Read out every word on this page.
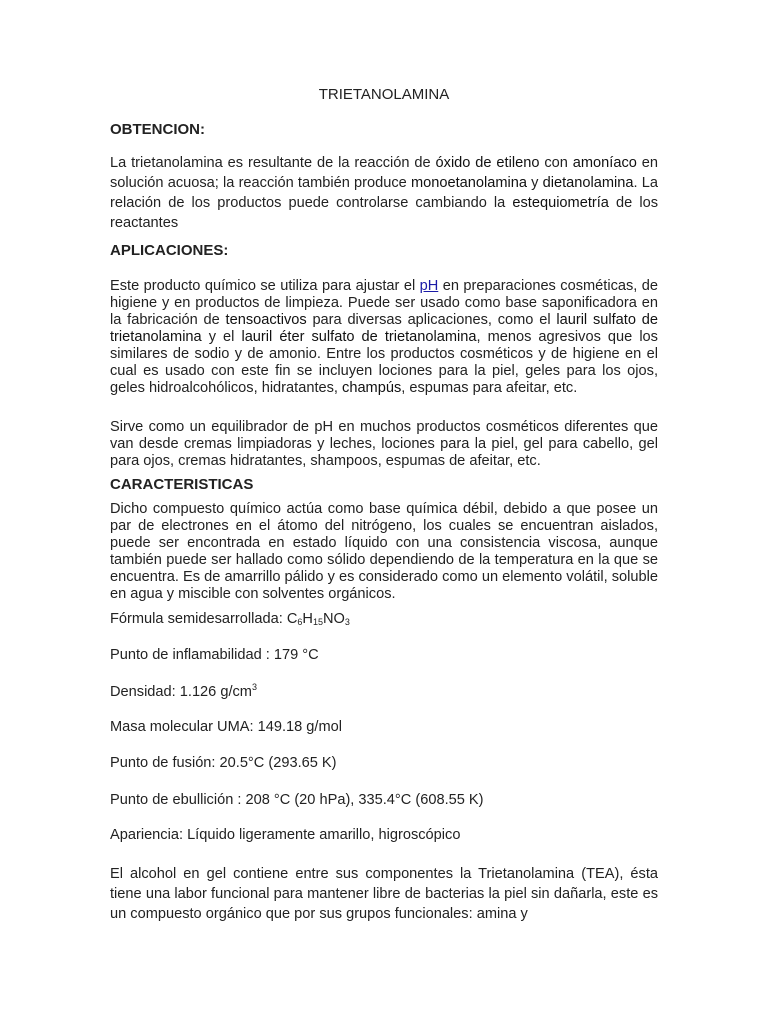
TRIETANOLAMINA
OBTENCION:

La trietanolamina es resultante de la reacción de óxido de etileno con amoníaco en solución acuosa; la reacción también produce monoetanolamina y dietanolamina. La relación de los productos puede controlarse cambiando la estequiometría de los reactantes

APLICACIONES:

Este producto químico se utiliza para ajustar el pH en preparaciones cosméticas, de higiene y en productos de limpieza. Puede ser usado como base saponificadora en la fabricación de tensoactivos para diversas aplicaciones, como el lauril sulfato de trietanolamina y el lauril éter sulfato de trietanolamina, menos agresivos que los similares de sodio y de amonio. Entre los productos cosméticos y de higiene en el cual es usado con este fin se incluyen lociones para la piel, geles para los ojos, geles hidroalcohólicos, hidratantes, champús, espumas para afeitar, etc.

Sirve como un equilibrador de pH en muchos productos cosméticos diferentes que van desde cremas limpiadoras y leches, lociones para la piel, gel para cabello, gel para ojos, cremas hidratantes, shampoos, espumas de afeitar, etc.

CARACTERISTICAS

Dicho compuesto químico actúa como base química débil, debido a que posee un par de electrones en el átomo del nitrógeno, los cuales se encuentran aislados, puede ser encontrada en estado líquido con una consistencia viscosa, aunque también puede ser hallado como sólido dependiendo de la temperatura en la que se encuentra. Es de amarrillo pálido y es considerado como un elemento volátil, soluble en agua y miscible con solventes orgánicos.

Fórmula semidesarrollada: $C_6H_{15}NO_3$
Punto de inflamabilidad : 179 °C
Densidad: 1.126 $g/cm^3$
Masa molecular UMA: 149.18 g/mol
Punto de fusión: 20.5°C (293.65 K)
Punto de ebullición : 208 °C (20 hPa), 335.4°C (608.55 K)
Apariencia: Líquido ligeramente amarillo, higroscópico

El alcohol en gel contiene entre sus componentes la Trietanolamina (TEA), ésta tiene una labor funcional para mantener libre de bacterias la piel sin dañarla, este es un compuesto orgánico que por sus grupos funcionales: amina y
